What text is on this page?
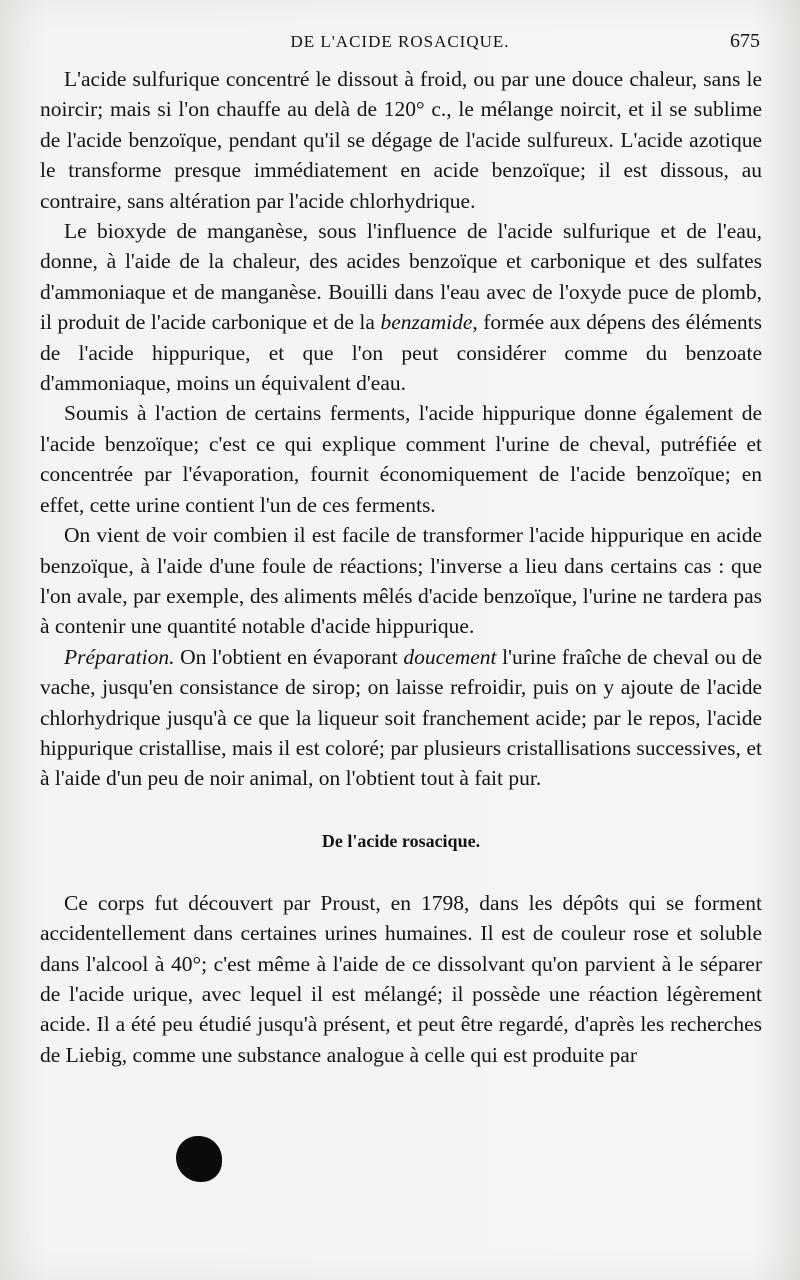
DE L'ACIDE ROSACIQUE.	675

L'acide sulfurique concentré le dissout à froid, ou par une douce chaleur, sans le noircir; mais si l'on chauffe au delà de 120° c., le mélange noircit, et il se sublime de l'acide benzoïque, pendant qu'il se dégage de l'acide sulfureux. L'acide azotique le transforme presque immédiatement en acide benzoïque; il est dissous, au contraire, sans altération par l'acide chlorhydrique.

Le bioxyde de manganèse, sous l'influence de l'acide sulfurique et de l'eau, donne, à l'aide de la chaleur, des acides benzoïque et carbonique et des sulfates d'ammoniaque et de manganèse. Bouilli dans l'eau avec de l'oxyde puce de plomb, il produit de l'acide carbonique et de la benzamide, formée aux dépens des éléments de l'acide hippurique, et que l'on peut considérer comme du benzoate d'ammoniaque, moins un équivalent d'eau.

Soumis à l'action de certains ferments, l'acide hippurique donne également de l'acide benzoïque; c'est ce qui explique comment l'urine de cheval, putréfiée et concentrée par l'évaporation, fournit économiquement de l'acide benzoïque; en effet, cette urine contient l'un de ces ferments.

On vient de voir combien il est facile de transformer l'acide hippurique en acide benzoïque, à l'aide d'une foule de réactions; l'inverse a lieu dans certains cas : que l'on avale, par exemple, des aliments mêlés d'acide benzoïque, l'urine ne tardera pas à contenir une quantité notable d'acide hippurique.

Préparation. On l'obtient en évaporant doucement l'urine fraîche de cheval ou de vache, jusqu'en consistance de sirop; on laisse refroidir, puis on y ajoute de l'acide chlorhydrique jusqu'à ce que la liqueur soit franchement acide; par le repos, l'acide hippurique cristallise, mais il est coloré; par plusieurs cristallisations successives, et à l'aide d'un peu de noir animal, on l'obtient tout à fait pur.

De l'acide rosacique.

Ce corps fut découvert par Proust, en 1798, dans les dépôts qui se forment accidentellement dans certaines urines humaines. Il est de couleur rose et soluble dans l'alcool à 40°; c'est même à l'aide de ce dissolvant qu'on parvient à le séparer de l'acide urique, avec lequel il est mélangé; il possède une réaction légèrement acide. Il a été peu étudié jusqu'à présent, et peut être regardé, d'après les recherches de Liebig, comme une substance analogue à celle qui est produite par
